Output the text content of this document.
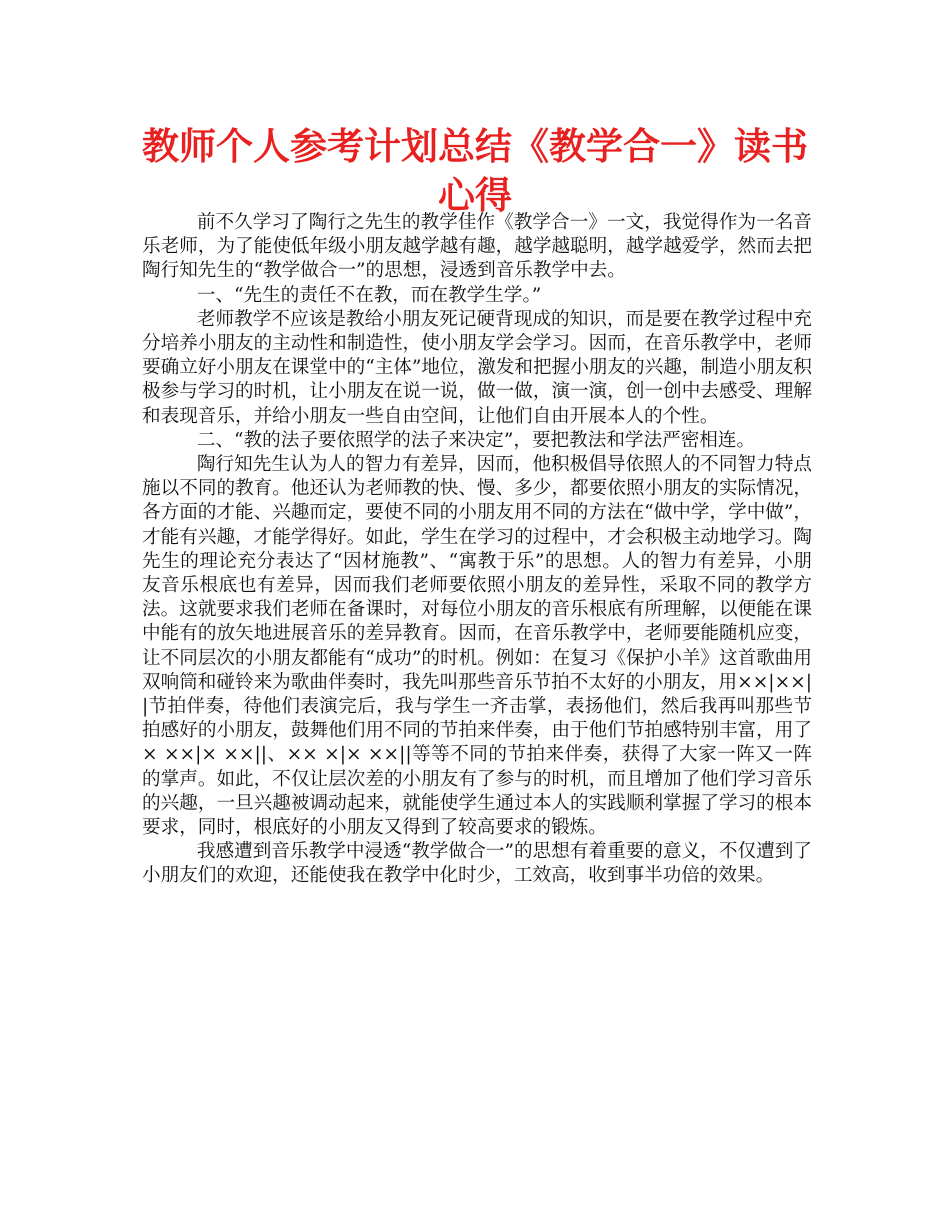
教师个人参考计划总结《教学合一》读书心得

前不久学习了陶行之先生的教学佳作《教学合一》一文，我觉得作为一名音乐老师，为了能使低年级小朋友越学越有趣，越学越聪明，越学越爱学，然而去把陶行知先生的“教学做合一”的思想，浸透到音乐教学中去。

一、“先生的责任不在教，而在教学生学。”

老师教学不应该是教给小朋友死记硬背现成的知识，而是要在教学过程中充分培养小朋友的主动性和制造性，使小朋友学会学习。因而，在音乐教学中，老师要确立好小朋友在课堂中的“主体”地位，激发和把握小朋友的兴趣，制造小朋友积极参与学习的时机，让小朋友在说一说，做一做，演一演，创一创中去感受、理解和表现音乐，并给小朋友一些自由空间，让他们自由开展本人的个性。

二、“教的法子要依照学的法子来决定”，要把教法和学法严密相连。

陶行知先生认为人的智力有差异，因而，他积极倡导依照人的不同智力特点施以不同的教育。他还认为老师教的快、慢、多少，都要依照小朋友的实际情况，各方面的才能、兴趣而定，要使不同的小朋友用不同的方法在“做中学，学中做”，才能有兴趣，才能学得好。如此，学生在学习的过程中，才会积极主动地学习。陶先生的理论充分表达了“因材施教”、“寓教于乐”的思想。人的智力有差异，小朋友音乐根底也有差异，因而我们老师要依照小朋友的差异性，采取不同的教学方法。这就要求我们老师在备课时，对每位小朋友的音乐根底有所理解，以便能在课中能有的放矢地进展音乐的差异教育。因而，在音乐教学中，老师要能随机应变，让不同层次的小朋友都能有“成功”的时机。例如：在复习《保护小羊》这首歌曲用双响筒和碰铃来为歌曲伴奏时，我先叫那些音乐节拍不太好的小朋友，用××|××||节拍伴奏，待他们表演完后，我与学生一齐击掌，表扬他们，然后我再叫那些节拍感好的小朋友，鼓舞他们用不同的节拍来伴奏，由于他们节拍感特别丰富，用了× ××|× ××||、×× ×|× ××||等等不同的节拍来伴奏，获得了大家一阵又一阵的掌声。如此，不仅让层次差的小朋友有了参与的时机，而且增加了他们学习音乐的兴趣，一旦兴趣被调动起来，就能使学生通过本人的实践顺利掌握了学习的根本要求，同时，根底好的小朋友又得到了较高要求的锻炼。

我感遭到音乐教学中浸透“教学做合一”的思想有着重要的意义，不仅遭到了小朋友们的欢迎，还能使我在教学中化时少，工效高，收到事半功倍的效果。
